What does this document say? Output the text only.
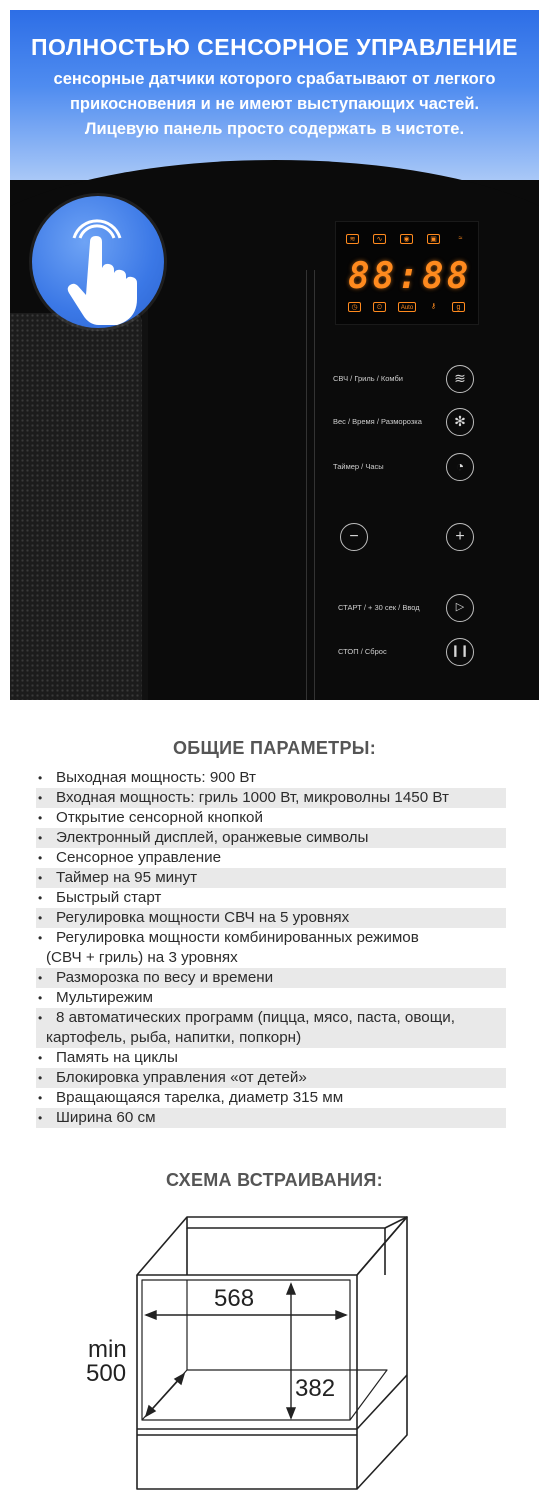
ПОЛНОСТЬЮ СЕНСОРНОЕ УПРАВЛЕНИЕ
сенсорные датчики которого срабатывают от легкого
прикосновения и не имеют выступающих частей.
Лицевую панель просто содержать в чистоте.
≋	∿	◉	▣	≈
88:88
◷	⏲	Auto	⚷	g
СВЧ / Гриль / Комби	≋
Вес / Время / Разморозка	✻
Таймер / Часы	◔
−	+
СТАРТ / + 30 сек / Ввод	▷
СТОП / Сброс	❙❙
ОБЩИЕ ПАРАМЕТРЫ:
• Выходная мощность: 900 Вт
• Входная мощность: гриль 1000 Вт, микроволны 1450 Вт
• Открытие сенсорной кнопкой
• Электронный дисплей, оранжевые символы
• Сенсорное управление
• Таймер на 95 минут
• Быстрый старт
• Регулировка мощности СВЧ на 5 уровнях
• Регулировка мощности комбинированных режимов
(СВЧ + гриль) на 3 уровнях
• Разморозка по весу и времени
• Мультирежим
• 8 автоматических программ (пицца, мясо, паста, овощи,
картофель, рыба, напитки, попкорн)
• Память на циклы
• Блокировка управления «от детей»
• Вращающаяся тарелка, диаметр 315 мм
• Ширина 60 см
СХЕМА ВСТРАИВАНИЯ:
568
382
min
500
